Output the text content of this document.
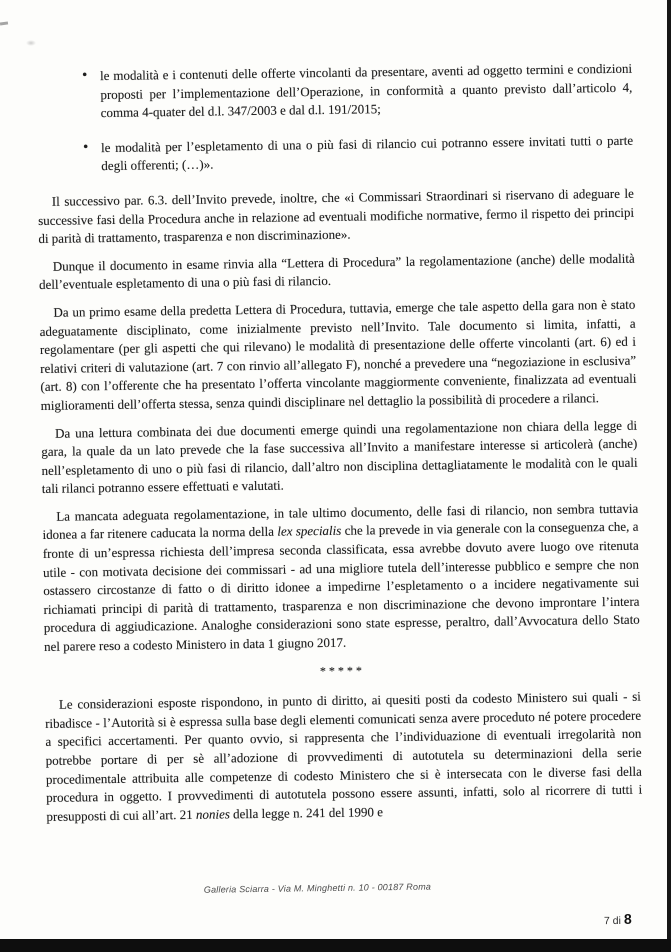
• le modalità e i contenuti delle offerte vincolanti da presentare, aventi ad oggetto termini e condizioni proposti per l’implementazione dell’Operazione, in conformità a quanto previsto dall’articolo 4, comma 4-quater del d.l. 347/2003 e dal d.l. 191/2015;
• le modalità per l’espletamento di una o più fasi di rilancio cui potranno essere invitati tutti o parte degli offerenti; (…)».
Il successivo par. 6.3. dell’Invito prevede, inoltre, che «i Commissari Straordinari si riservano di adeguare le successive fasi della Procedura anche in relazione ad eventuali modifiche normative, fermo il rispetto dei principi di parità di trattamento, trasparenza e non discriminazione».
Dunque il documento in esame rinvia alla “Lettera di Procedura” la regolamentazione (anche) delle modalità dell’eventuale espletamento di una o più fasi di rilancio.
Da un primo esame della predetta Lettera di Procedura, tuttavia, emerge che tale aspetto della gara non è stato adeguatamente disciplinato, come inizialmente previsto nell’Invito. Tale documento si limita, infatti, a regolamentare (per gli aspetti che qui rilevano) le modalità di presentazione delle offerte vincolanti (art. 6) ed i relativi criteri di valutazione (art. 7 con rinvio all’allegato F), nonché a prevedere una “negoziazione in esclusiva” (art. 8) con l’offerente che ha presentato l’offerta vincolante maggiormente conveniente, finalizzata ad eventuali miglioramenti dell’offerta stessa, senza quindi disciplinare nel dettaglio la possibilità di procedere a rilanci.
Da una lettura combinata dei due documenti emerge quindi una regolamentazione non chiara della legge di gara, la quale da un lato prevede che la fase successiva all’Invito a manifestare interesse si articolerà (anche) nell’espletamento di uno o più fasi di rilancio, dall’altro non disciplina dettagliatamente le modalità con le quali tali rilanci potranno essere effettuati e valutati.
La mancata adeguata regolamentazione, in tale ultimo documento, delle fasi di rilancio, non sembra tuttavia idonea a far ritenere caducata la norma della lex specialis che la prevede in via generale con la conseguenza che, a fronte di un’espressa richiesta dell’impresa seconda classificata, essa avrebbe dovuto avere luogo ove ritenuta utile - con motivata decisione dei commissari - ad una migliore tutela dell’interesse pubblico e sempre che non ostassero circostanze di fatto o di diritto idonee a impedirne l’espletamento o a incidere negativamente sui richiamati principi di parità di trattamento, trasparenza e non discriminazione che devono improntare l’intera procedura di aggiudicazione. Analoghe considerazioni sono state espresse, peraltro, dall’Avvocatura dello Stato nel parere reso a codesto Ministero in data 1 giugno 2017.
*****
Le considerazioni esposte rispondono, in punto di diritto, ai quesiti posti da codesto Ministero sui quali - si ribadisce - l’Autorità si è espressa sulla base degli elementi comunicati senza avere proceduto né potere procedere a specifici accertamenti. Per quanto ovvio, si rappresenta che l’individuazione di eventuali irregolarità non potrebbe portare di per sè all’adozione di provvedimenti di autotutela su determinazioni della serie procedimentale attribuita alle competenze di codesto Ministero che si è intersecata con le diverse fasi della procedura in oggetto. I provvedimenti di autotutela possono essere assunti, infatti, solo al ricorrere di tutti i presupposti di cui all’art. 21 nonies della legge n. 241 del 1990 e
Galleria Sciarra - Via M. Minghetti n. 10 - 00187 Roma
7 di 8
